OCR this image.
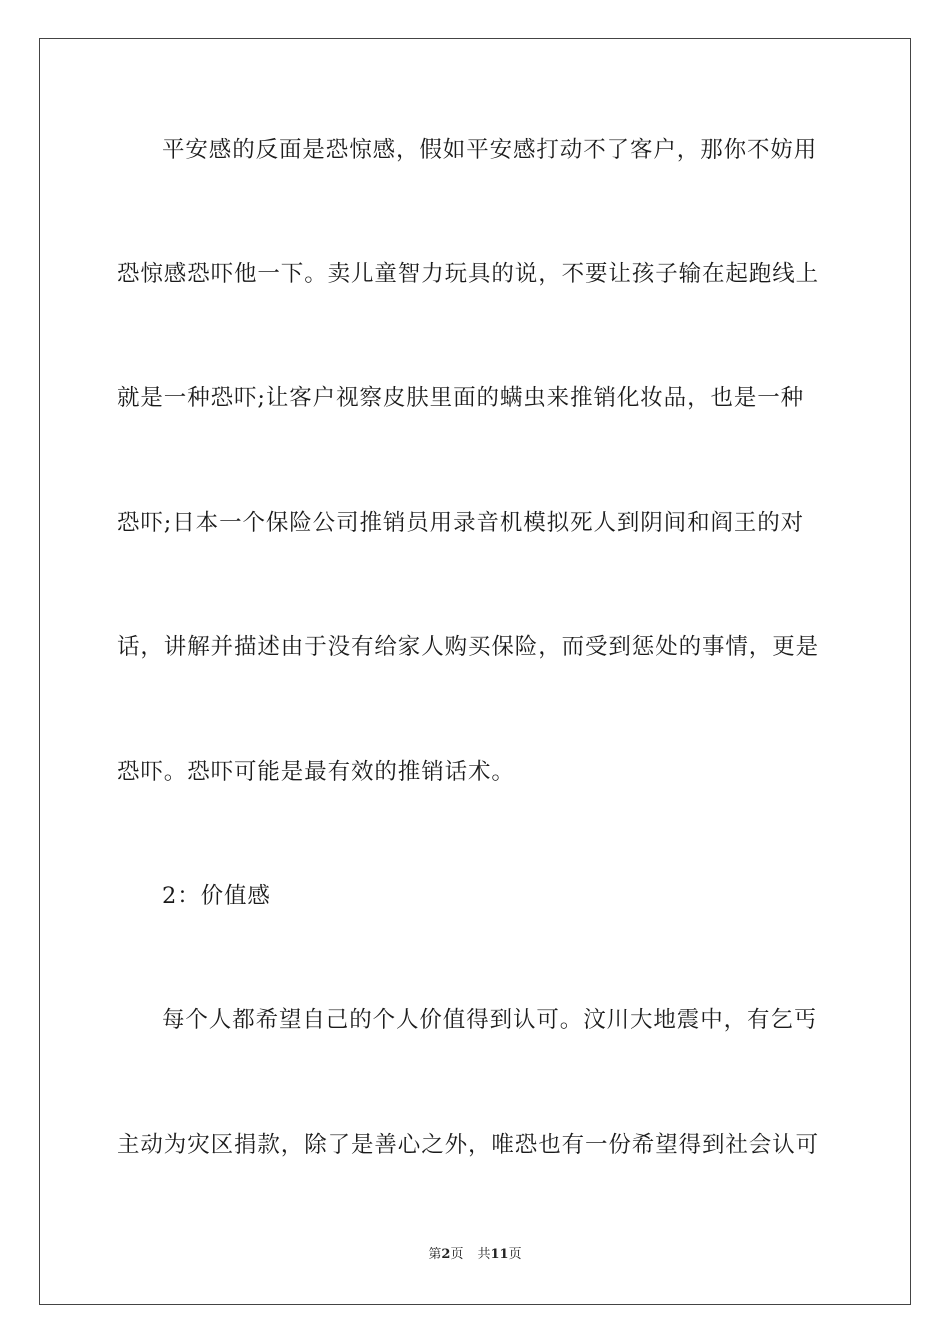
平安感的反面是恐惊感，假如平安感打动不了客户，那你不妨用
恐惊感恐吓他一下。卖儿童智力玩具的说，不要让孩子输在起跑线上
就是一种恐吓;让客户视察皮肤里面的螨虫来推销化妆品，也是一种
恐吓;日本一个保险公司推销员用录音机模拟死人到阴间和阎王的对
话，讲解并描述由于没有给家人购买保险，而受到惩处的事情，更是
恐吓。恐吓可能是最有效的推销话术。
2：价值感
每个人都希望自己的个人价值得到认可。汶川大地震中，有乞丐
主动为灾区捐款，除了是善心之外，唯恐也有一份希望得到社会认可
第2页 共11页
